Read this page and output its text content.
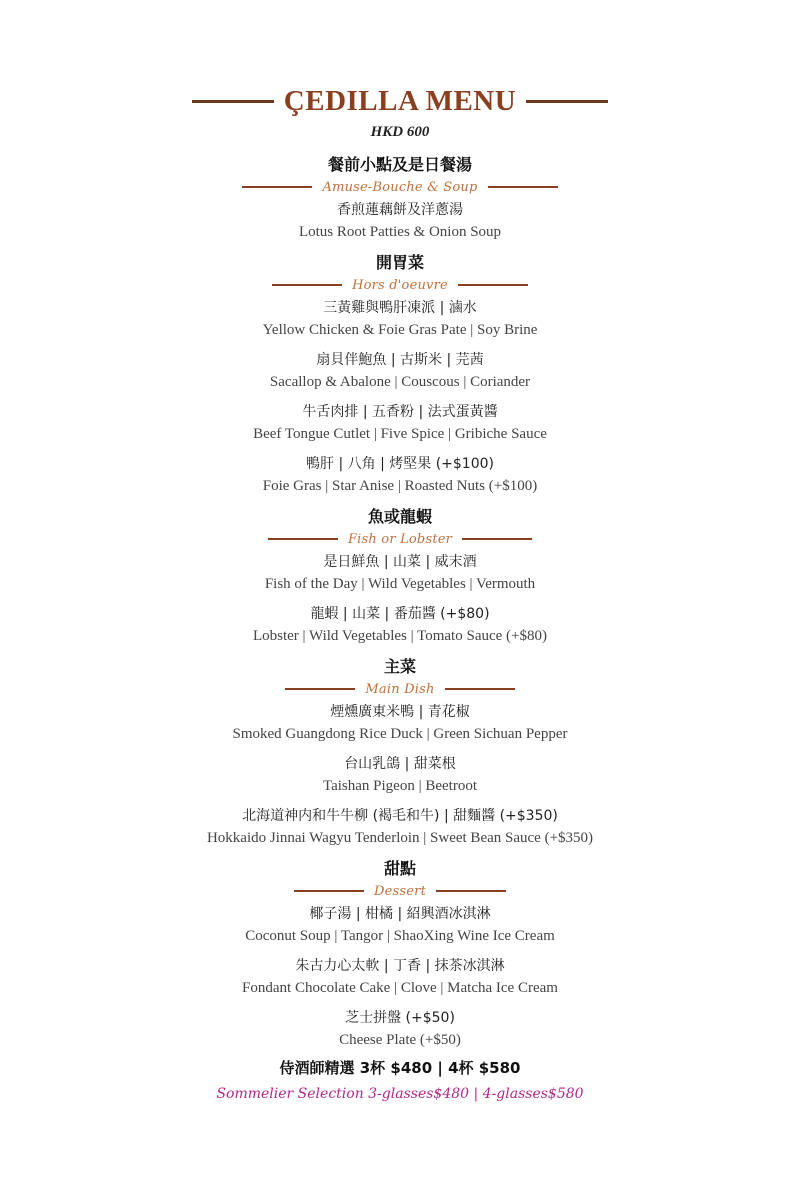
ÇEDILLA MENU
HKD 600
餐前小點及是日餐湯
Amuse-Bouche & Soup
香煎蓮藕餅及洋蔥湯
Lotus Root Patties & Onion Soup
開胃菜
Hors d'oeuvre
三黃雞與鴨肝凍派 | 滷水
Yellow Chicken & Foie Gras Pate | Soy Brine
扇貝伴鮑魚 | 古斯米 | 芫茜
Sacallop & Abalone | Couscous | Coriander
牛舌肉排 | 五香粉 | 法式蛋黃醬
Beef Tongue Cutlet | Five Spice | Gribiche Sauce
鴨肝 | 八角 | 烤堅果 (+$100)
Foie Gras | Star Anise | Roasted Nuts (+$100)
魚或龍蝦
Fish or Lobster
是日鮮魚 | 山菜 | 威末酒
Fish of the Day | Wild Vegetables | Vermouth
龍蝦 | 山菜 | 番茄醬 (+$80)
Lobster | Wild Vegetables | Tomato Sauce (+$80)
主菜
Main Dish
煙燻廣東米鴨 | 青花椒
Smoked Guangdong Rice Duck | Green Sichuan Pepper
台山乳鴿 | 甜菜根
Taishan Pigeon | Beetroot
北海道神内和牛牛柳 (褐毛和牛) | 甜麵醬 (+$350)
Hokkaido Jinnai Wagyu Tenderloin | Sweet Bean Sauce (+$350)
甜點
Dessert
椰子湯 | 柑橘 | 紹興酒冰淇淋
Coconut Soup | Tangor | ShaoXing Wine Ice Cream
朱古力心太軟 | 丁香 | 抹茶冰淇淋
Fondant Chocolate Cake | Clove | Matcha Ice Cream
芝士拼盤 (+$50)
Cheese Plate (+$50)
侍酒師精選 3杯 $480 | 4杯 $580
Sommelier Selection 3-glasses$480 | 4-glasses$580
